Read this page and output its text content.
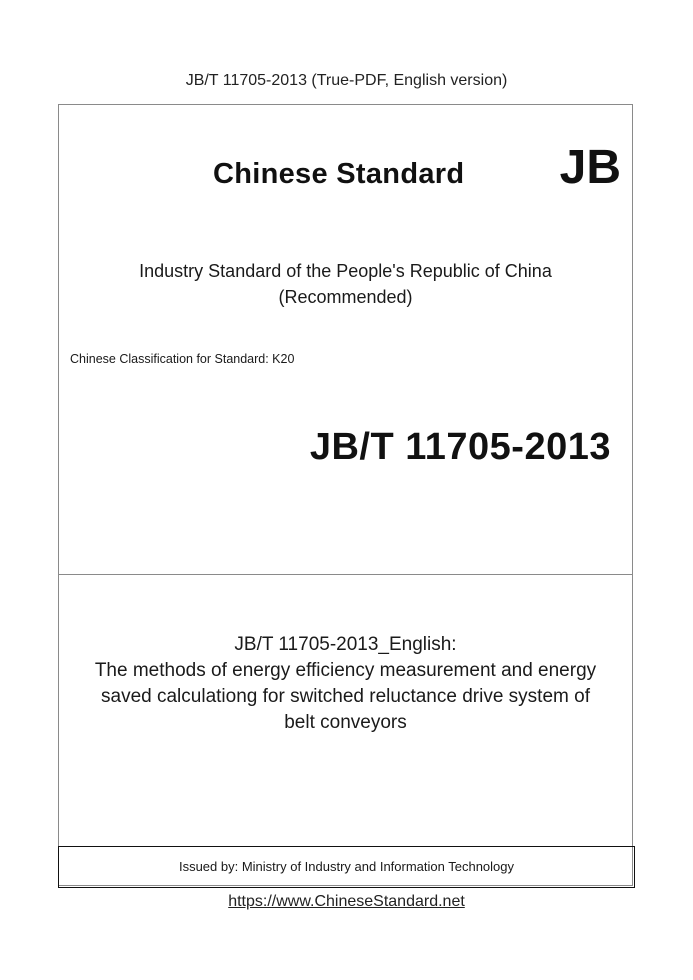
JB/T 11705-2013 (True-PDF, English version)
Chinese Standard JB
Industry Standard of the People's Republic of China
(Recommended)
Chinese Classification for Standard: K20
JB/T 11705-2013
JB/T 11705-2013_English:
The methods of energy efficiency measurement and energy
saved calculationg for switched reluctance drive system of
belt conveyors
Issued by: Ministry of Industry and Information Technology
https://www.ChineseStandard.net
